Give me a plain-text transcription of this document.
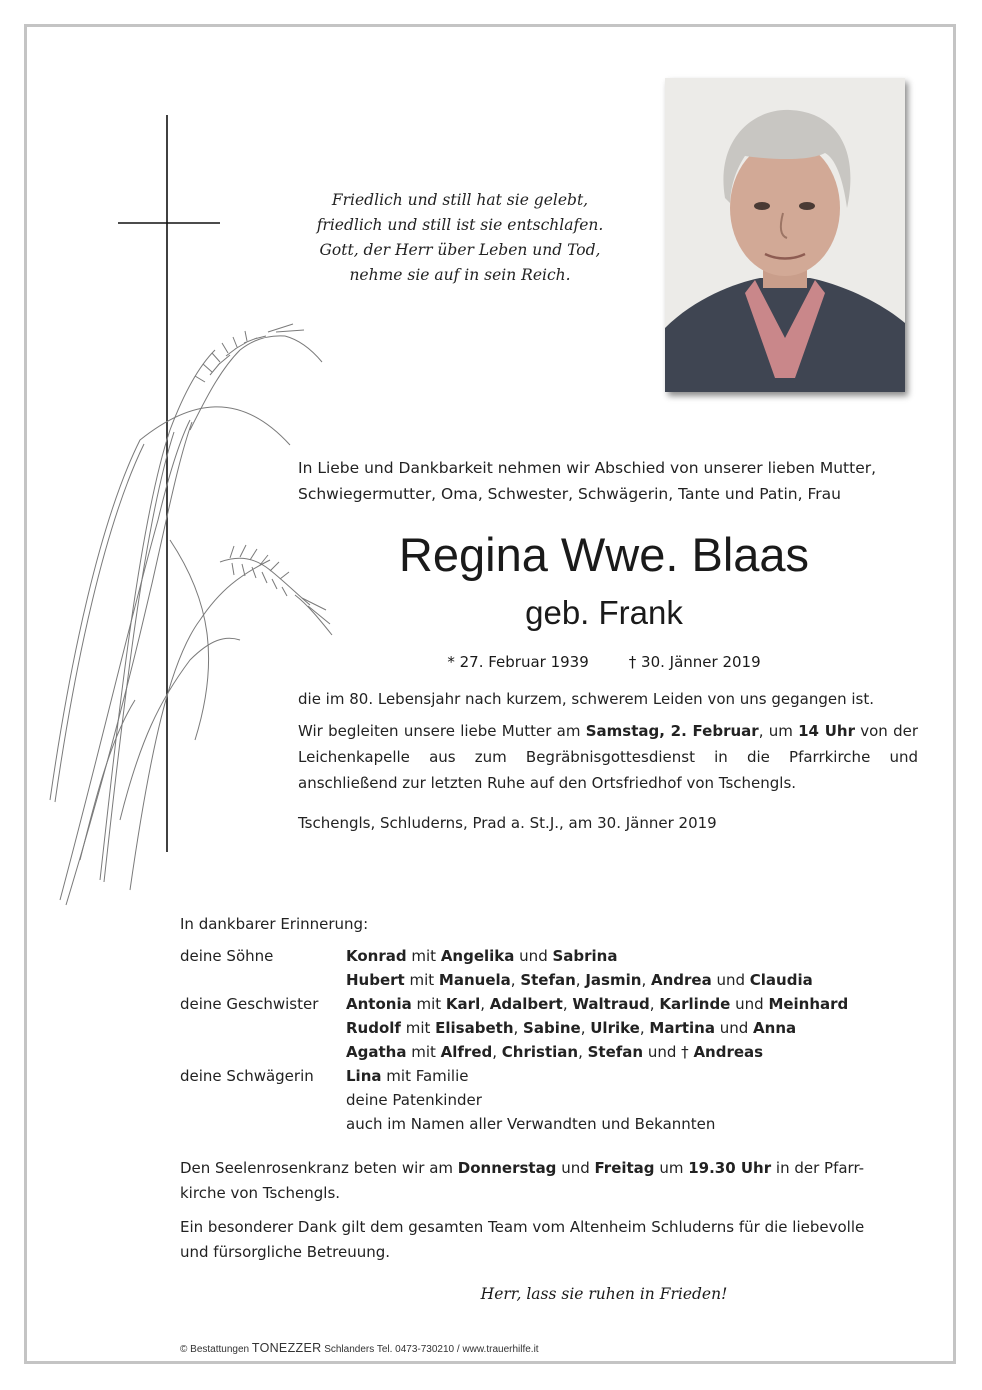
Friedlich und still hat sie gelebt,
friedlich und still ist sie entschlafen.
Gott, der Herr über Leben und Tod,
nehme sie auf in sein Reich.
In Liebe und Dankbarkeit nehmen wir Abschied von unserer lieben Mutter,
Schwiegermutter, Oma, Schwester, Schwägerin, Tante und Patin, Frau
Regina Wwe. Blaas
geb. Frank
* 27. Februar 1939	† 30. Jänner 2019

die im 80. Lebensjahr nach kurzem, schwerem Leiden von uns gegangen ist.

Wir begleiten unsere liebe Mutter am Samstag, 2. Februar, um 14 Uhr von der Leichenkapelle aus zum Begräbnisgottesdienst in die Pfarrkirche und anschließend zur letzten Ruhe auf den Ortsfriedhof von Tschengls.

Tschengls, Schluderns, Prad a. St.J., am 30. Jänner 2019

In dankbarer Erinnerung:
deine Söhne	Konrad mit Angelika und Sabrina
Hubert mit Manuela, Stefan, Jasmin, Andrea und Claudia
deine Geschwister	Antonia mit Karl, Adalbert, Waltraud, Karlinde und Meinhard
Rudolf mit Elisabeth, Sabine, Ulrike, Martina und Anna
Agatha mit Alfred, Christian, Stefan und † Andreas
deine Schwägerin	Lina mit Familie
deine Patenkinder
auch im Namen aller Verwandten und Bekannten

Den Seelenrosenkranz beten wir am Donnerstag und Freitag um 19.30 Uhr in der Pfarr-
kirche von Tschengls.

Ein besonderer Dank gilt dem gesamten Team vom Altenheim Schluderns für die liebevolle
und fürsorgliche Betreuung.

Herr, lass sie ruhen in Frieden!
© Bestattungen TONEZZER Schlanders Tel. 0473-730210 / www.trauerhilfe.it
